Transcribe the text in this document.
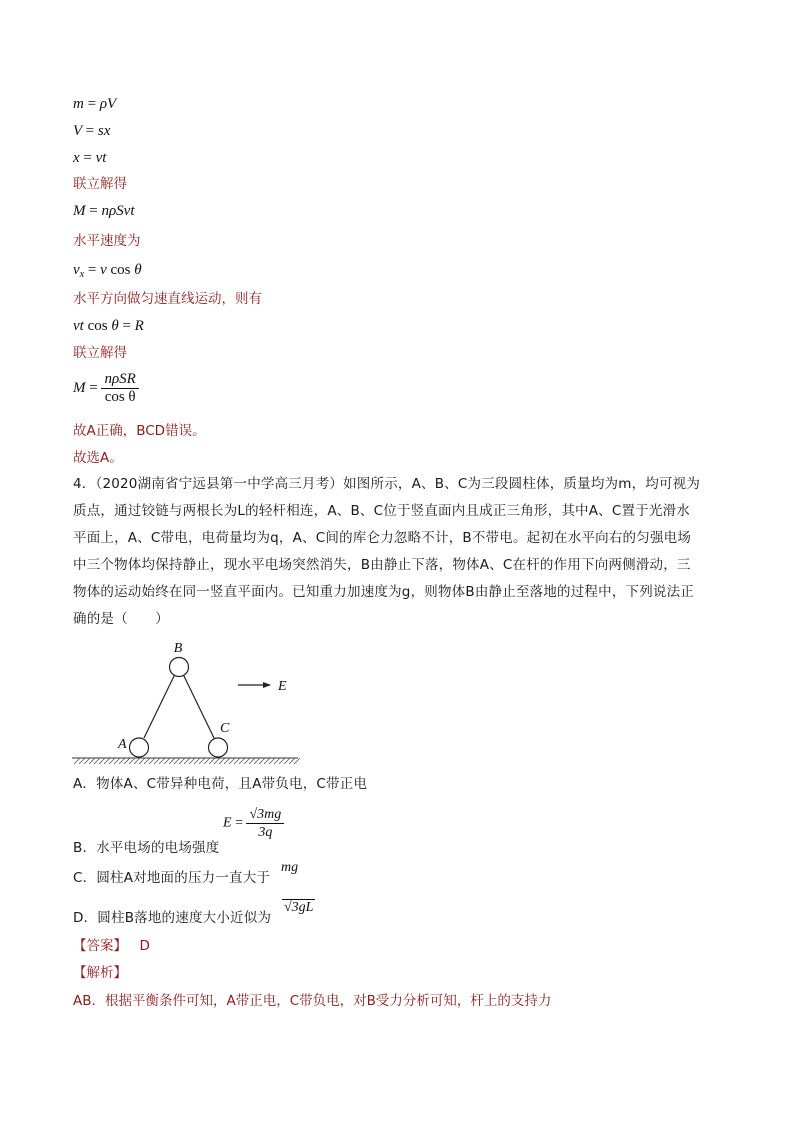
m = ρV
V = sx
x = vt
联立解得
M = nρSvt
水平速度为
$v_x = v$ cos θ
水平方向做匀速直线运动，则有
vt cos θ = R
联立解得
$M = \frac{\text{nρSR}}{\text{cos θ}}$
故A正确，BCD错误。
故选A。
4．（2020湖南省宁远县第一中学高三月考）如图所示，A、B、C为三段圆柱体，质量均为m，均可视为
质点，通过铰链与两根长为L的轻杆相连，A、B、C位于竖直面内且成正三角形，其中A、C置于光滑水
平面上，A、C带电，电荷量均为q，A、C间的库仑力忽略不计，B不带电。起初在水平向右的匀强电场
中三个物体均保持静止，现水平电场突然消失，B由静止下落，物体A、C在杆的作用下向两侧滑动，三
物体的运动始终在同一竖直平面内。已知重力加速度为g，则物体B由静止至落地的过程中，下列说法正
确的是（　　）
B
A
C
E
A．物体A、C带异种电荷，且A带负电，C带正电
B．水平电场的电场强度
$E = \frac{√3mg}{3q}$
C．圆柱A对地面的压力一直大于
mg
D．圆柱B落地的速度大小近似为
√3gL
【答案】 D
【解析】
AB．根据平衡条件可知，A带正电，C带负电，对B受力分析可知，杆上的支持力
